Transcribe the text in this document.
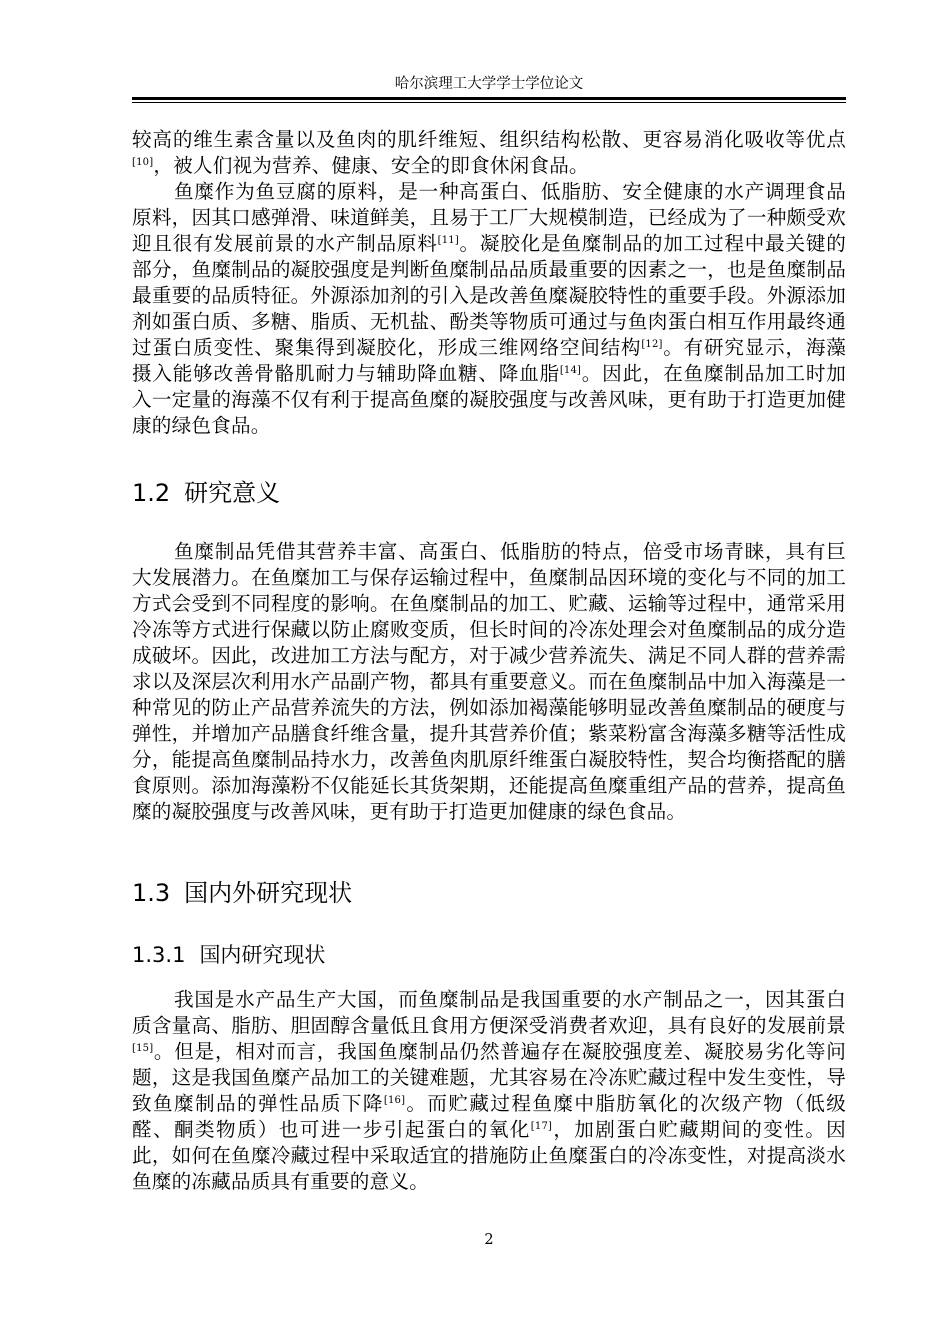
哈尔滨理工大学学士学位论文

较高的维生素含量以及鱼肉的肌纤维短、组织结构松散、更容易消化吸收等优点[10]，被人们视为营养、健康、安全的即食休闲食品。

鱼糜作为鱼豆腐的原料，是一种高蛋白、低脂肪、安全健康的水产调理食品原料，因其口感弹滑、味道鲜美，且易于工厂大规模制造，已经成为了一种颇受欢迎且很有发展前景的水产制品原料[11]。凝胶化是鱼糜制品的加工过程中最关键的部分，鱼糜制品的凝胶强度是判断鱼糜制品品质最重要的因素之一，也是鱼糜制品最重要的品质特征。外源添加剂的引入是改善鱼糜凝胶特性的重要手段。外源添加剂如蛋白质、多糖、脂质、无机盐、酚类等物质可通过与鱼肉蛋白相互作用最终通过蛋白质变性、聚集得到凝胶化，形成三维网络空间结构[12]。有研究显示，海藻摄入能够改善骨骼肌耐力与辅助降血糖、降血脂[14]。因此，在鱼糜制品加工时加入一定量的海藻不仅有利于提高鱼糜的凝胶强度与改善风味，更有助于打造更加健康的绿色食品。

1.2 研究意义

鱼糜制品凭借其营养丰富、高蛋白、低脂肪的特点，倍受市场青睐，具有巨大发展潜力。在鱼糜加工与保存运输过程中，鱼糜制品因环境的变化与不同的加工方式会受到不同程度的影响。在鱼糜制品的加工、贮藏、运输等过程中，通常采用冷冻等方式进行保藏以防止腐败变质，但长时间的冷冻处理会对鱼糜制品的成分造成破坏。因此，改进加工方法与配方，对于减少营养流失、满足不同人群的营养需求以及深层次利用水产品副产物，都具有重要意义。而在鱼糜制品中加入海藻是一种常见的防止产品营养流失的方法，例如添加褐藻能够明显改善鱼糜制品的硬度与弹性，并增加产品膳食纤维含量，提升其营养价值；紫菜粉富含海藻多糖等活性成分，能提高鱼糜制品持水力，改善鱼肉肌原纤维蛋白凝胶特性，契合均衡搭配的膳食原则。添加海藻粉不仅能延长其货架期，还能提高鱼糜重组产品的营养，提高鱼糜的凝胶强度与改善风味，更有助于打造更加健康的绿色食品。

1.3 国内外研究现状
1.3.1 国内研究现状

我国是水产品生产大国，而鱼糜制品是我国重要的水产制品之一，因其蛋白质含量高、脂肪、胆固醇含量低且食用方便深受消费者欢迎，具有良好的发展前景[15]。但是，相对而言，我国鱼糜制品仍然普遍存在凝胶强度差、凝胶易劣化等问题，这是我国鱼糜产品加工的关键难题，尤其容易在冷冻贮藏过程中发生变性，导致鱼糜制品的弹性品质下降[16]。而贮藏过程鱼糜中脂肪氧化的次级产物（低级醛、酮类物质）也可进一步引起蛋白的氧化[17]，加剧蛋白贮藏期间的变性。因此，如何在鱼糜冷藏过程中采取适宜的措施防止鱼糜蛋白的冷冻变性，对提高淡水鱼糜的冻藏品质具有重要的意义。

2
